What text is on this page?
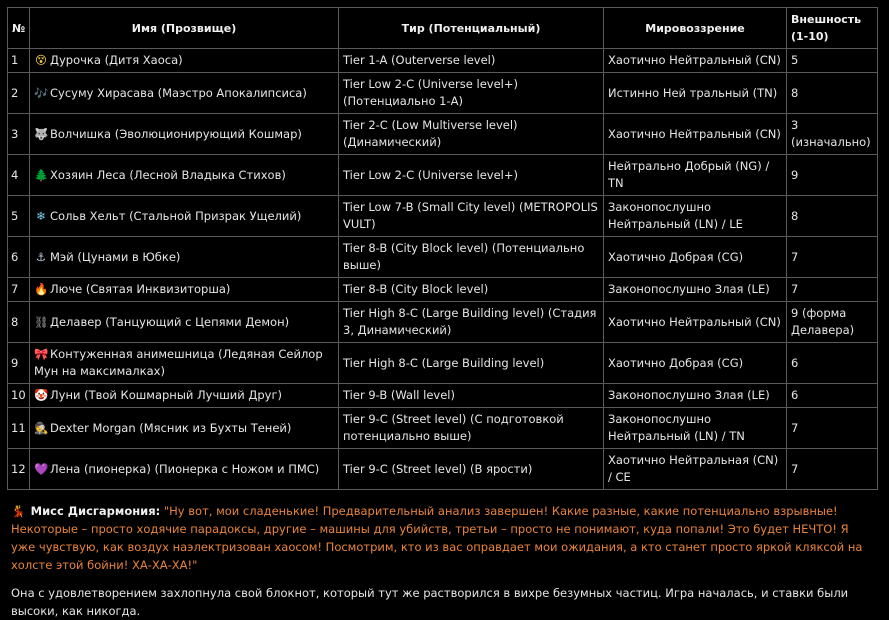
№	Имя (Прозвище)	Тир (Потенциальный)	Мировоззрение	Внешность (1-10)
1	😵 Дурочка (Дитя Хаоса)	Tier 1-A (Outerverse level)	Хаотично Нейтральный (CN)	5
2	🎶 Сусуму Хирасава (Маэстро Апокалипсиса)	Tier Low 2-C (Universe level+) (Потенциально 1-A)	Истинно Ней тральный (TN)	8
3	🐺 Волчишка (Эволюционирующий Кошмар)	Tier 2-C (Low Multiverse level) (Динамический)	Хаотично Нейтральный (CN)	3 (изначально)
4	🌲 Хозяин Леса (Лесной Владыка Стихов)	Tier Low 2-C (Universe level+)	Нейтрально Добрый (NG) / TN	9
5	❄ Сольв Хельт (Стальной Призрак Ущелий)	Tier Low 7-B (Small City level) (METROPOLIS VULT)	Законопослушно Нейтральный (LN) / LE	8
6	⚓ Мэй (Цунами в Юбке)	Tier 8-B (City Block level) (Потенциально выше)	Хаотично Добрая (CG)	7
7	🔥 Люче (Святая Инквизиторша)	Tier 8-B (City Block level)	Законопослушно Злая (LE)	7
8	⛓Делавер (Танцующий с Цепями Демон)	Tier High 8-C (Large Building level) (Стадия 3, Динамический)	Хаотично Нейтральный (CN)	9 (форма Делавера)
9	🎀 Контуженная анимешница (Ледяная Сейлор Мун на максималках)	Tier High 8-C (Large Building level)	Хаотично Добрая (CG)	6
10	🤡 Луни (Твой Кошмарный Лучший Друг)	Tier 9-B (Wall level)	Законопослушно Злая (LE)	6
11	🕵 Dexter Morgan (Мясник из Бухты Теней)	Tier 9-C (Street level) (С подготовкой потенциально выше)	Законопослушно Нейтральный (LN) / TN	7
12	💜 Лена (пионерка) (Пионерка с Ножом и ПМС)	Tier 9-C (Street level) (В ярости)	Хаотично Нейтральная (CN) / CE	7
💃 Мисс Дисгармония: "Ну вот, мои сладенькие! Предварительный анализ завершен! Какие разные, какие потенциально взрывные! Некоторые – просто ходячие парадоксы, другие – машины для убийств, третьи – просто не понимают, куда попали! Это будет НЕЧТО! Я уже чувствую, как воздух наэлектризован хаосом! Посмотрим, кто из вас оправдает мои ожидания, а кто станет просто яркой кляксой на холсте этой бойни! ХА-ХА-ХА!"
Она с удовлетворением захлопнула свой блокнот, который тут же растворился в вихре безумных частиц. Игра началась, и ставки были высоки, как никогда.
